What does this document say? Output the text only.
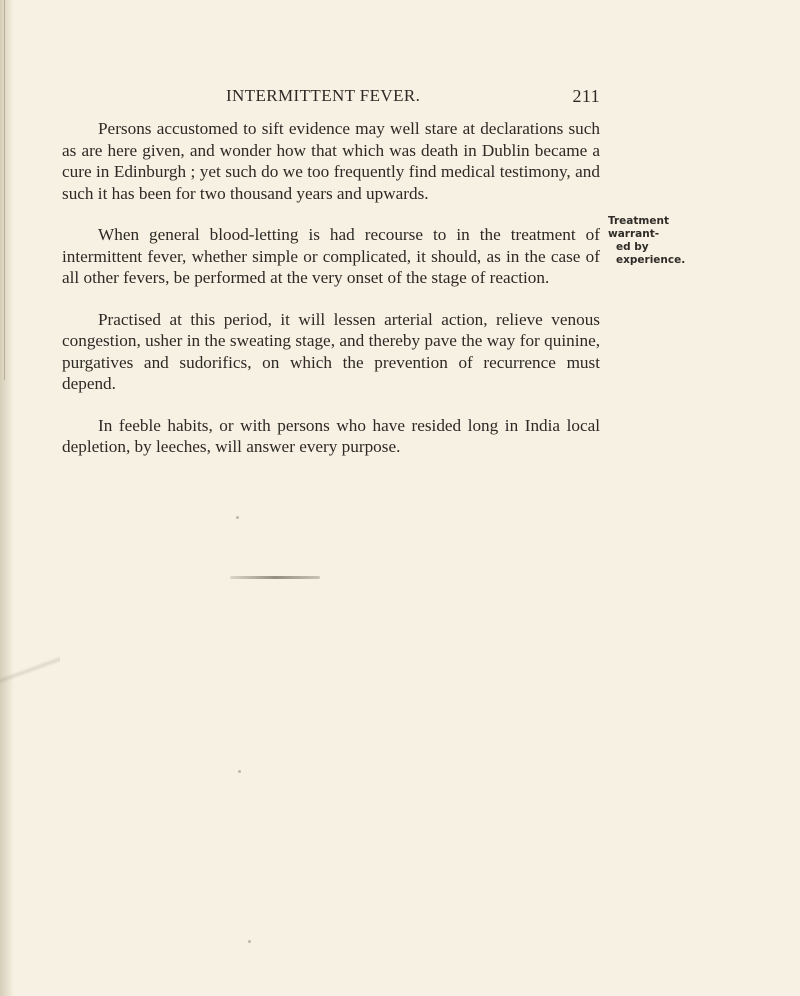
INTERMITTENT FEVER.	211

Persons accustomed to sift evidence may well stare at declarations such as are here given, and wonder how that which was death in Dublin became a cure in Edinburgh ; yet such do we too frequently find medical testimony, and such it has been for two thousand years and upwards.

When general blood-letting is had recourse to in the treatment of intermittent fever, whether simple or complicated, it should, as in the case of all other fevers, be performed at the very onset of the stage of reaction.

Practised at this period, it will lessen arterial action, relieve venous congestion, usher in the sweating stage, and thereby pave the way for quinine, purgatives and sudorifics, on which the prevention of recurrence must depend.

In feeble habits, or with persons who have resided long in India local depletion, by leeches, will answer every purpose.

Treatment warrant-
ed by experience.
